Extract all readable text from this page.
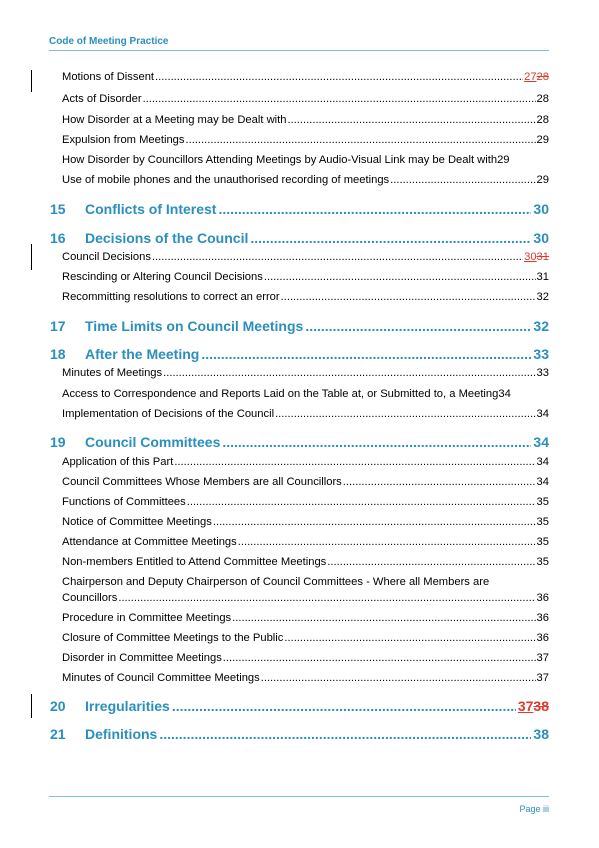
Code of Meeting Practice
Motions of Dissent .....	2728
Acts of Disorder .....	28
How Disorder at a Meeting may be Dealt with .....	28
Expulsion from Meetings .....	29
How Disorder by Councillors Attending Meetings by Audio-Visual Link may be Dealt with 29
Use of mobile phones and the unauthorised recording of meetings .....	29
15 Conflicts of Interest .....	30
16 Decisions of the Council .....	30
Council Decisions .....	3031
Rescinding or Altering Council Decisions .....	31
Recommitting resolutions to correct an error .....	32
17 Time Limits on Council Meetings .....	32
18 After the Meeting .....	33
Minutes of Meetings .....	33
Access to Correspondence and Reports Laid on the Table at, or Submitted to, a Meeting 34
Implementation of Decisions of the Council .....	34
19 Council Committees .....	34
Application of this Part .....	34
Council Committees Whose Members are all Councillors .....	34
Functions of Committees .....	35
Notice of Committee Meetings .....	35
Attendance at Committee Meetings .....	35
Non-members Entitled to Attend Committee Meetings .....	35
Chairperson and Deputy Chairperson of Council Committees - Where all Members are
Councillors .....	36
Procedure in Committee Meetings .....	36
Closure of Committee Meetings to the Public .....	36
Disorder in Committee Meetings .....	37
Minutes of Council Committee Meetings .....	37
20 Irregularities .....	3738
21 Definitions .....	38
Page iii
